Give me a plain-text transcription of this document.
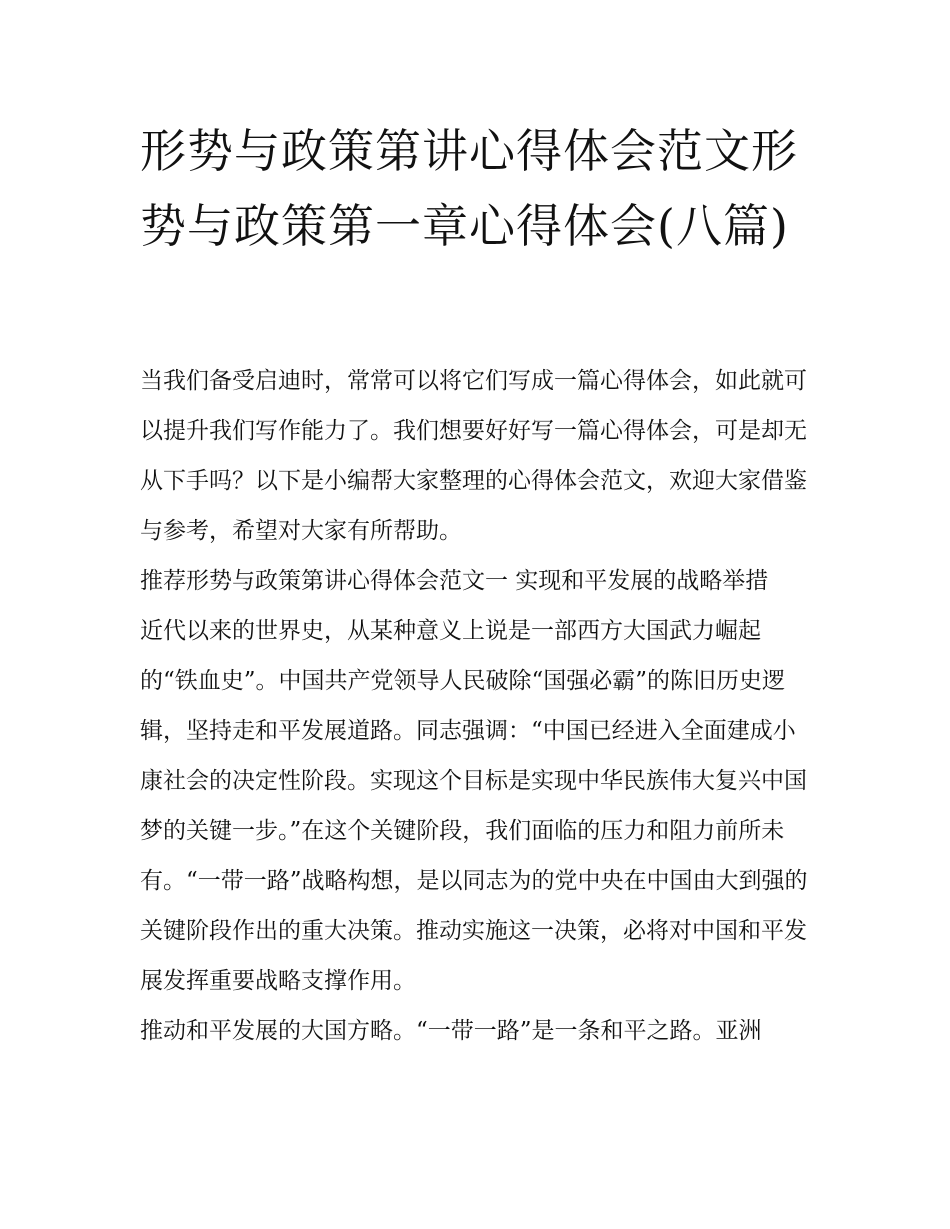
形势与政策第讲心得体会范文形势与政策第一章心得体会(八篇)

当我们备受启迪时，常常可以将它们写成一篇心得体会，如此就可以提升我们写作能力了。我们想要好好写一篇心得体会，可是却无从下手吗？以下是小编帮大家整理的心得体会范文，欢迎大家借鉴与参考，希望对大家有所帮助。

推荐形势与政策第讲心得体会范文一 实现和平发展的战略举措

近代以来的世界史，从某种意义上说是一部西方大国武力崛起的“铁血史”。中国共产党领导人民破除“国强必霸”的陈旧历史逻辑，坚持走和平发展道路。同志强调：“中国已经进入全面建成小康社会的决定性阶段。实现这个目标是实现中华民族伟大复兴中国梦的关键一步。”在这个关键阶段，我们面临的压力和阻力前所未有。“一带一路”战略构想，是以同志为的党中央在中国由大到强的关键阶段作出的重大决策。推动实施这一决策，必将对中国和平发展发挥重要战略支撑作用。

推动和平发展的大国方略。“一带一路”是一条和平之路。亚洲
